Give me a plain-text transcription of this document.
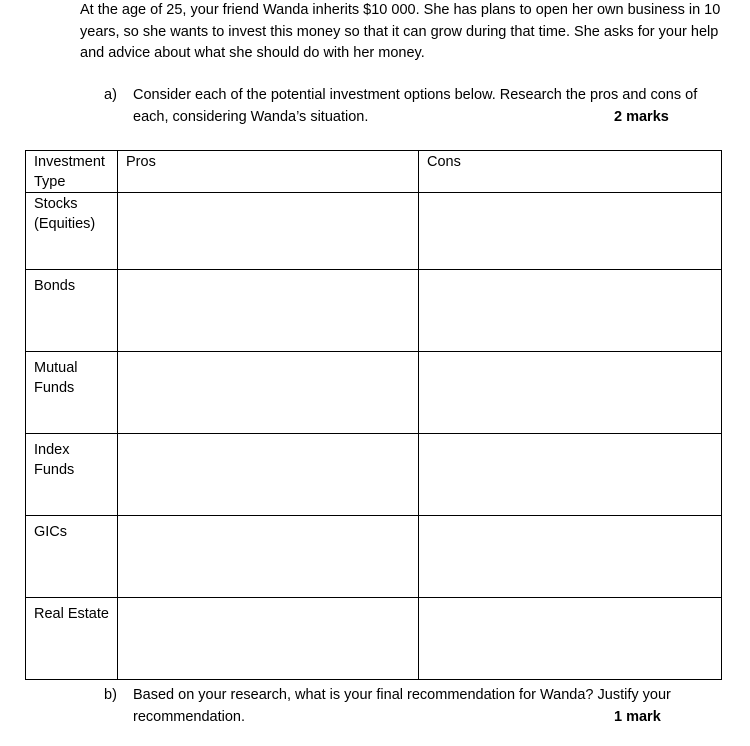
At the age of 25, your friend Wanda inherits $10 000. She has plans to open her own business in 10 years, so she wants to invest this money so that it can grow during that time. She asks for your help and advice about what she should do with her money.

a) Consider each of the potential investment options below. Research the pros and cons of each, considering Wanda’s situation.	2 marks
Investment Type	Pros	Cons
Stocks (Equities)		
Bonds		
Mutual Funds		
Index Funds		
GICs		
Real Estate		
b) Based on your research, what is your final recommendation for Wanda? Justify your recommendation.	1 mark
